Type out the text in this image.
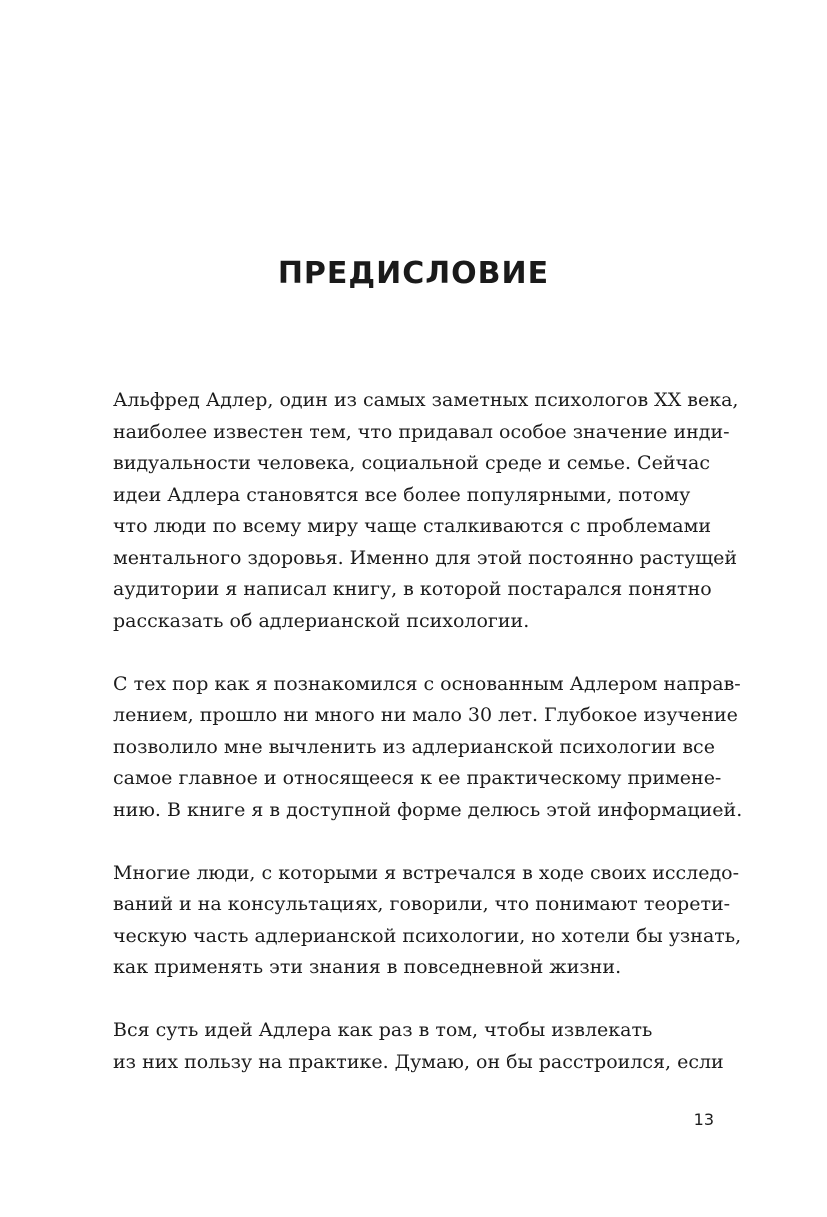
ПРЕДИСЛОВИЕ

Альфред Адлер, один из самых заметных психологов XX века,
наиболее известен тем, что придавал особое значение инди-
видуальности человека, социальной среде и семье. Сейчас
идеи Адлера становятся все более популярными, потому
что люди по всему миру чаще сталкиваются с проблемами
ментального здоровья. Именно для этой постоянно растущей
аудитории я написал книгу, в которой постарался понятно
рассказать об адлерианской психологии.

С тех пор как я познакомился с основанным Адлером направ-
лением, прошло ни много ни мало 30 лет. Глубокое изучение
позволило мне вычленить из адлерианской психологии все
самое главное и относящееся к ее практическому примене-
нию. В книге я в доступной форме делюсь этой информацией.

Многие люди, с которыми я встречался в ходе своих исследо-
ваний и на консультациях, говорили, что понимают теорети-
ческую часть адлерианской психологии, но хотели бы узнать,
как применять эти знания в повседневной жизни.

Вся суть идей Адлера как раз в том, чтобы извлекать
из них пользу на практике. Думаю, он бы расстроился, если

13
